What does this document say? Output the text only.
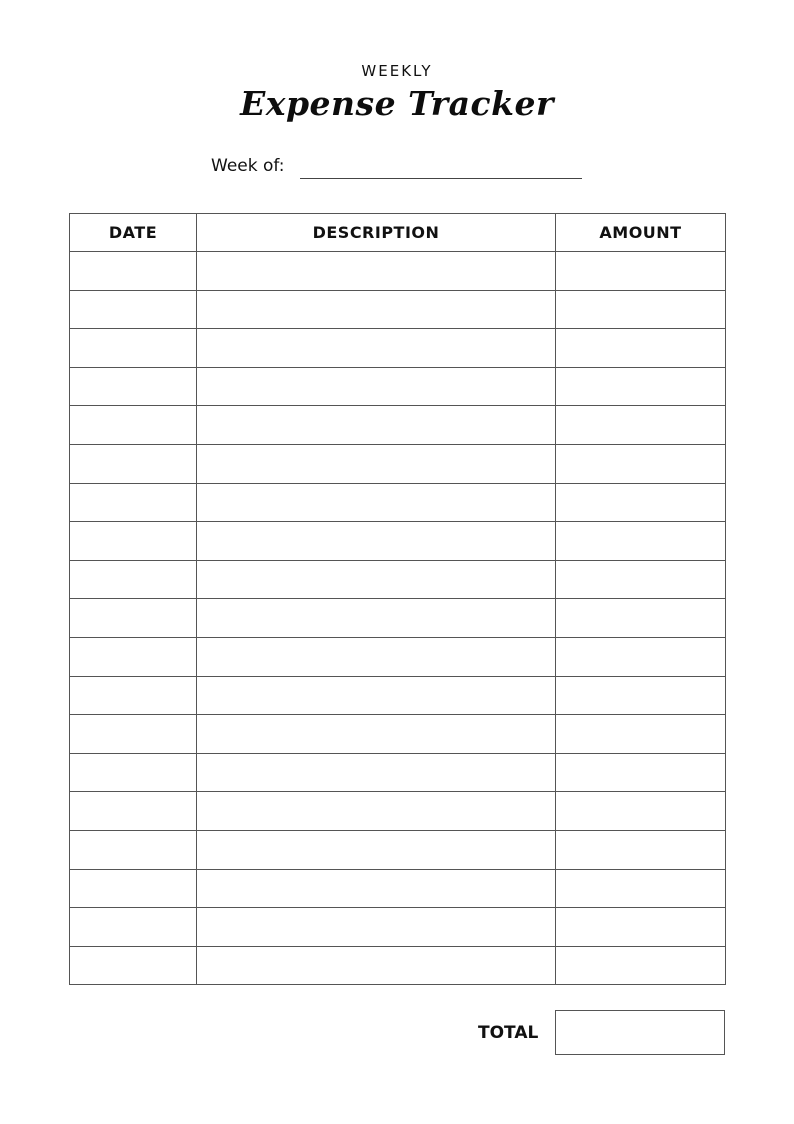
WEEKLY
Expense Tracker
Week of:
DATE	DESCRIPTION	AMOUNT

TOTAL
